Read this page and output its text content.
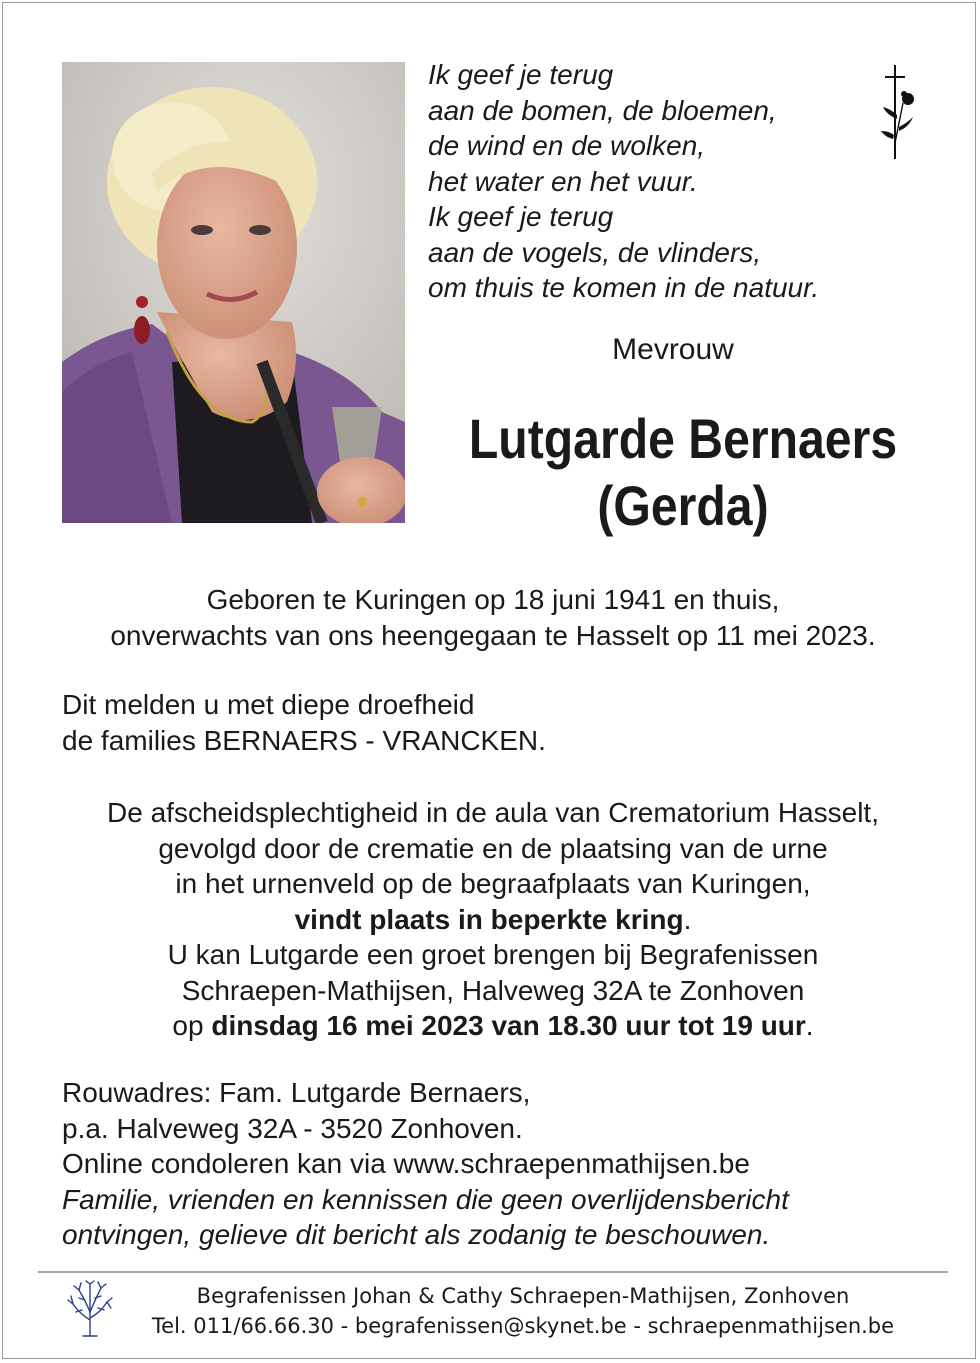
Ik geef je terug
aan de bomen, de bloemen,
de wind en de wolken,
het water en het vuur.
Ik geef je terug
aan de vogels, de vlinders,
om thuis te komen in de natuur.
Mevrouw
Lutgarde Bernaers
(Gerda)
Geboren te Kuringen op 18 juni 1941 en thuis,
onverwachts van ons heengegaan te Hasselt op 11 mei 2023.
Dit melden u met diepe droefheid
de families BERNAERS - VRANCKEN.
De afscheidsplechtigheid in de aula van Crematorium Hasselt,
gevolgd door de crematie en de plaatsing van de urne
in het urnenveld op de begraafplaats van Kuringen,
vindt plaats in beperkte kring.
U kan Lutgarde een groet brengen bij Begrafenissen
Schraepen-Mathijsen, Halveweg 32A te Zonhoven
op dinsdag 16 mei 2023 van 18.30 uur tot 19 uur.
Rouwadres: Fam. Lutgarde Bernaers,
p.a. Halveweg 32A - 3520 Zonhoven.
Online condoleren kan via www.schraepenmathijsen.be
Familie, vrienden en kennissen die geen overlijdensbericht
ontvingen, gelieve dit bericht als zodanig te beschouwen.
Begrafenissen Johan & Cathy Schraepen-Mathijsen, Zonhoven
Tel. 011/66.66.30 - begrafenissen@skynet.be - schraepenmathijsen.be
